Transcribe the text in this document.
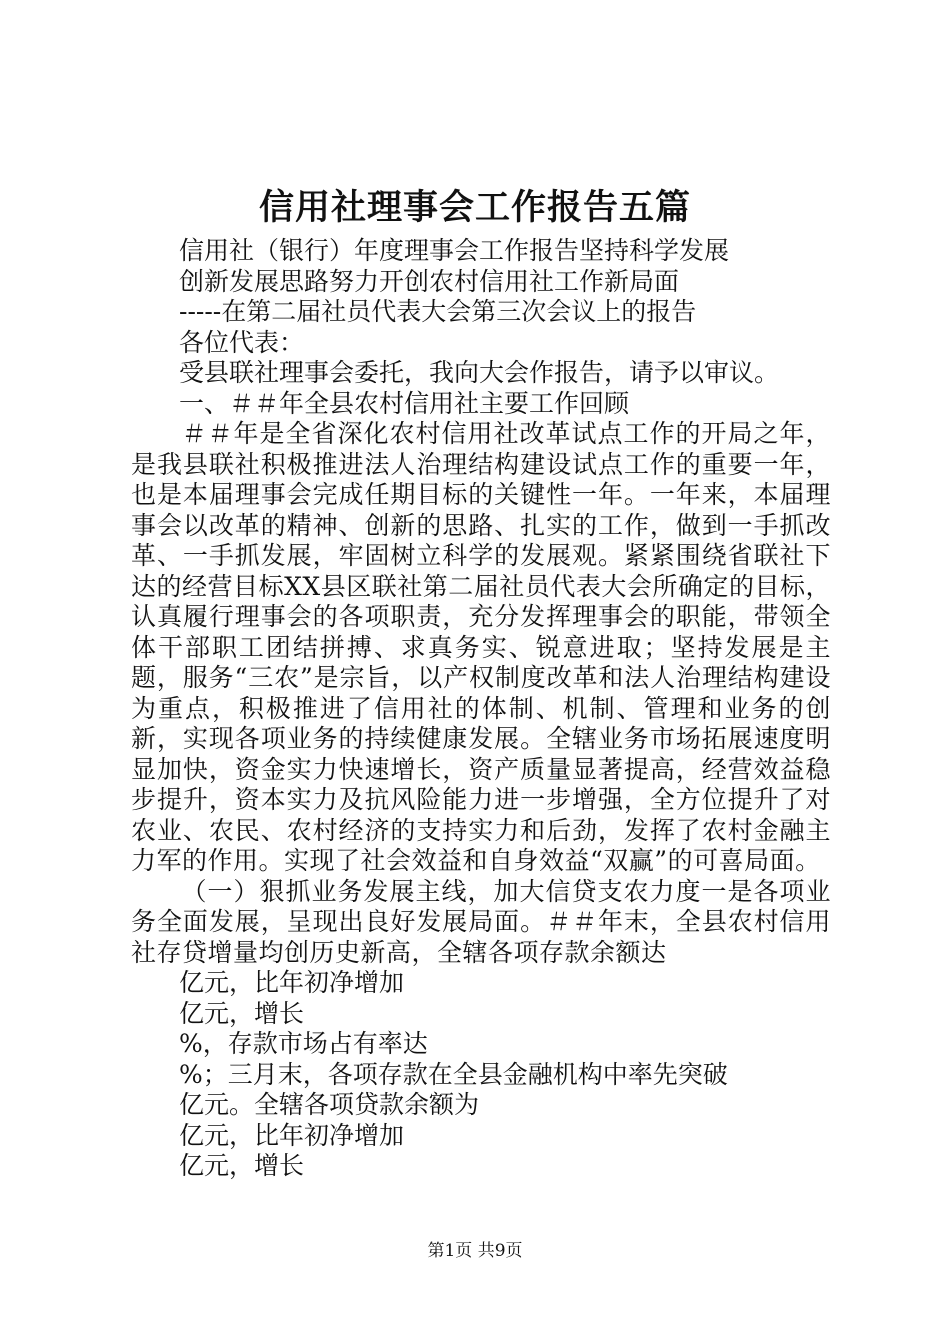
信用社理事会工作报告五篇
信用社（银行）年度理事会工作报告坚持科学发展
创新发展思路努力开创农村信用社工作新局面
-----在第二届社员代表大会第三次会议上的报告
各位代表：
受县联社理事会委托，我向大会作报告，请予以审议。
一、＃＃年全县农村信用社主要工作回顾

＃＃年是全省深化农村信用社改革试点工作的开局之年，是我县联社积极推进法人治理结构建设试点工作的重要一年，也是本届理事会完成任期目标的关键性一年。一年来，本届理事会以改革的精神、创新的思路、扎实的工作，做到一手抓改革、一手抓发展，牢固树立科学的发展观。紧紧围绕省联社下达的经营目标XX县区联社第二届社员代表大会所确定的目标，认真履行理事会的各项职责，充分发挥理事会的职能，带领全体干部职工团结拼搏、求真务实、锐意进取；坚持发展是主题，服务“三农”是宗旨，以产权制度改革和法人治理结构建设为重点，积极推进了信用社的体制、机制、管理和业务的创新，实现各项业务的持续健康发展。全辖业务市场拓展速度明显加快，资金实力快速增长，资产质量显著提高，经营效益稳步提升，资本实力及抗风险能力进一步增强，全方位提升了对农业、农民、农村经济的支持实力和后劲，发挥了农村金融主力军的作用。实现了社会效益和自身效益“双赢”的可喜局面。

（一）狠抓业务发展主线，加大信贷支农力度一是各项业务全面发展，呈现出良好发展局面。＃＃年末，全县农村信用社存贷增量均创历史新高，全辖各项存款余额达

亿元，比年初净增加
亿元，增长
%，存款市场占有率达
%；三月末，各项存款在全县金融机构中率先突破
亿元。全辖各项贷款余额为
亿元，比年初净增加
亿元，增长
第1页 共9页
